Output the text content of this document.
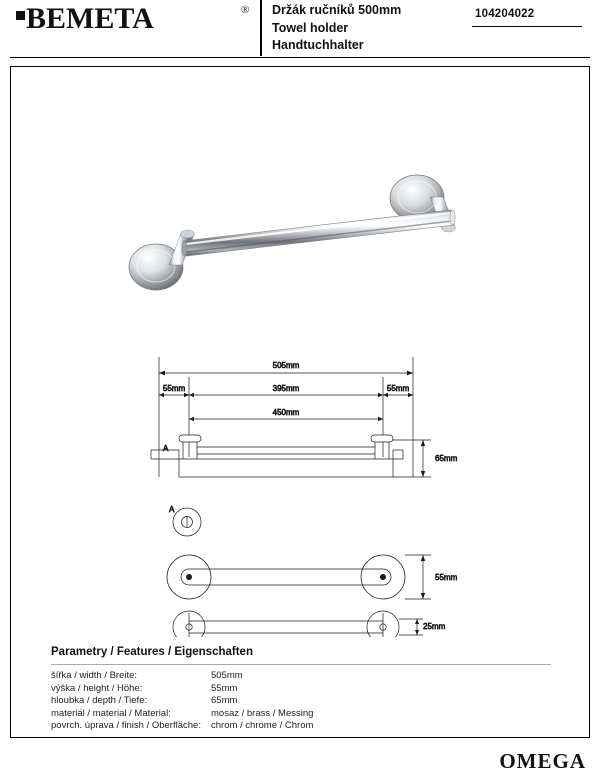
BEMETA	® Držák ručníků 500mm
Towel holder
Handtuchhalter
104204022
505mm
55mm	395mm	55mm
450mm
65mm
A
A
55mm
25mm
Parametry / Features / Eigenschaften
šířka / width / Breite:	505mm
výška / height / Höhe:	55mm
hloubka / depth / Tiefe:	65mm
materiál / material / Material:	mosaz / brass / Messing
povrch. úprava / finish / Oberfläche:	chrom / chrome / Chrom
OMEGA
